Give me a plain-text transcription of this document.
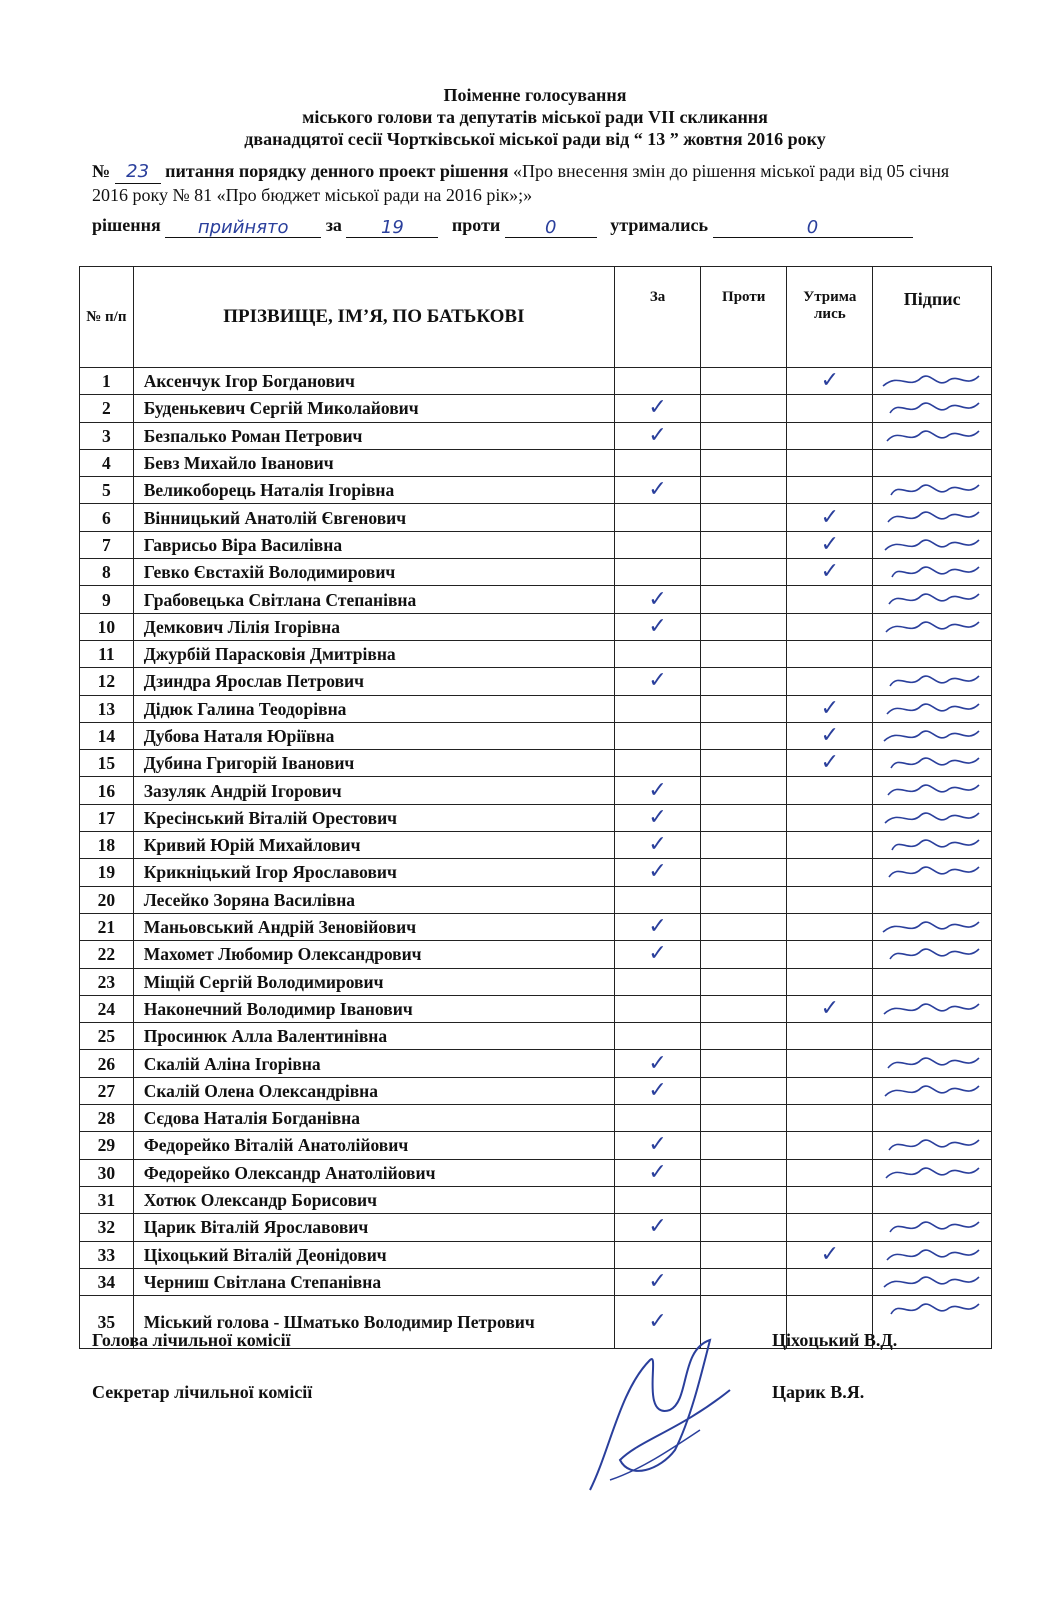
Поіменне голосування
міського голови та депутатів міської ради VII скликання
дванадцятої сесії Чортківської міської ради від “ 13 ” жовтня 2016 року
№ 23 питання порядку денного проект рішення «Про внесення змін до рішення міської ради від 05 січня 2016 року № 81 «Про бюджет міської ради на 2016 рік»;»
рішення прийнято за 19	проти 0	утримались	0
№ п/п	ПРІЗВИЩЕ, ІМ’Я, ПО БАТЬКОВІ	За	Проти	Утрима лись	Підпис
1	Аксенчук Ігор Богданович			✓	

2	Буденькевич Сергій Миколайович	✓			

3	Безпалько Роман Петрович	✓			

4	Бевз Михайло Іванович				
5	Великоборець Наталія Ігорівна	✓			

6	Вінницький Анатолій Євгенович			✓	

7	Гаврисьо Віра Василівна			✓	

8	Гевко Євстахій Володимирович			✓	

9	Грабовецька Світлана Степанівна	✓			

10	Демкович Лілія Ігорівна	✓			

11	Джурбій Парасковія Дмитрівна				
12	Дзиндра Ярослав Петрович	✓			

13	Дідюк Галина Теодорівна			✓	

14	Дубова Наталя Юріївна			✓	

15	Дубина Григорій Іванович			✓	

16	Зазуляк Андрій Ігорович	✓			

17	Кресінський Віталій Орестович	✓			

18	Кривий Юрій Михайлович	✓			

19	Крикніцький Ігор Ярославович	✓			

20	Лесейко Зоряна Василівна				
21	Маньовський Андрій Зеновійович	✓			

22	Махомет Любомир Олександрович	✓			

23	Міщій Сергій Володимирович				
24	Наконечний Володимир Іванович			✓	

25	Просинюк Алла Валентинівна				
26	Скалій Аліна Ігорівна	✓			

27	Скалій Олена Олександрівна	✓			

28	Сєдова Наталія Богданівна				
29	Федорейко Віталій Анатолійович	✓			

30	Федорейко Олександр Анатолійович	✓			

31	Хотюк Олександр Борисович				
32	Царик Віталій Ярославович	✓			

33	Ціхоцький Віталій Деонідович			✓	

34	Черниш Світлана Степанівна	✓			

35	Міський голова - Шматько Володимир Петрович	✓			
Голова лічильної комісії	Ціхоцький В.Д.
Секретар лічильної комісії	Царик В.Я.
